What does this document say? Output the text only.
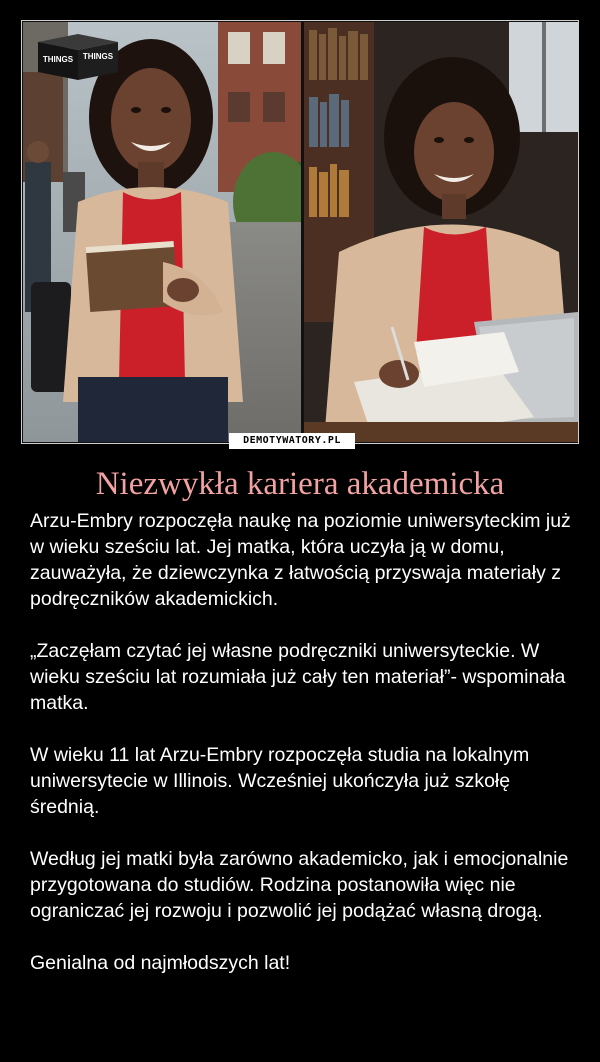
THINGS THINGS
DEMOTYWATORY.PL
Niezwykła kariera akademicka

Arzu-Embry rozpoczęła naukę na poziomie uniwersyteckim już w wieku sześciu lat. Jej matka, która uczyła ją w domu, zauważyła, że dziewczynka z łatwością przyswaja materiały z podręczników akademickich.

„Zaczęłam czytać jej własne podręczniki uniwersyteckie. W wieku sześciu lat rozumiała już cały ten materiał”- wspominała matka.

W wieku 11 lat Arzu-Embry rozpoczęła studia na lokalnym uniwersytecie w Illinois. Wcześniej ukończyła już szkołę średnią.

Według jej matki była zarówno akademicko, jak i emocjonalnie przygotowana do studiów. Rodzina postanowiła więc nie ograniczać jej rozwoju i pozwolić jej podążać własną drogą.

Genialna od najmłodszych lat!
